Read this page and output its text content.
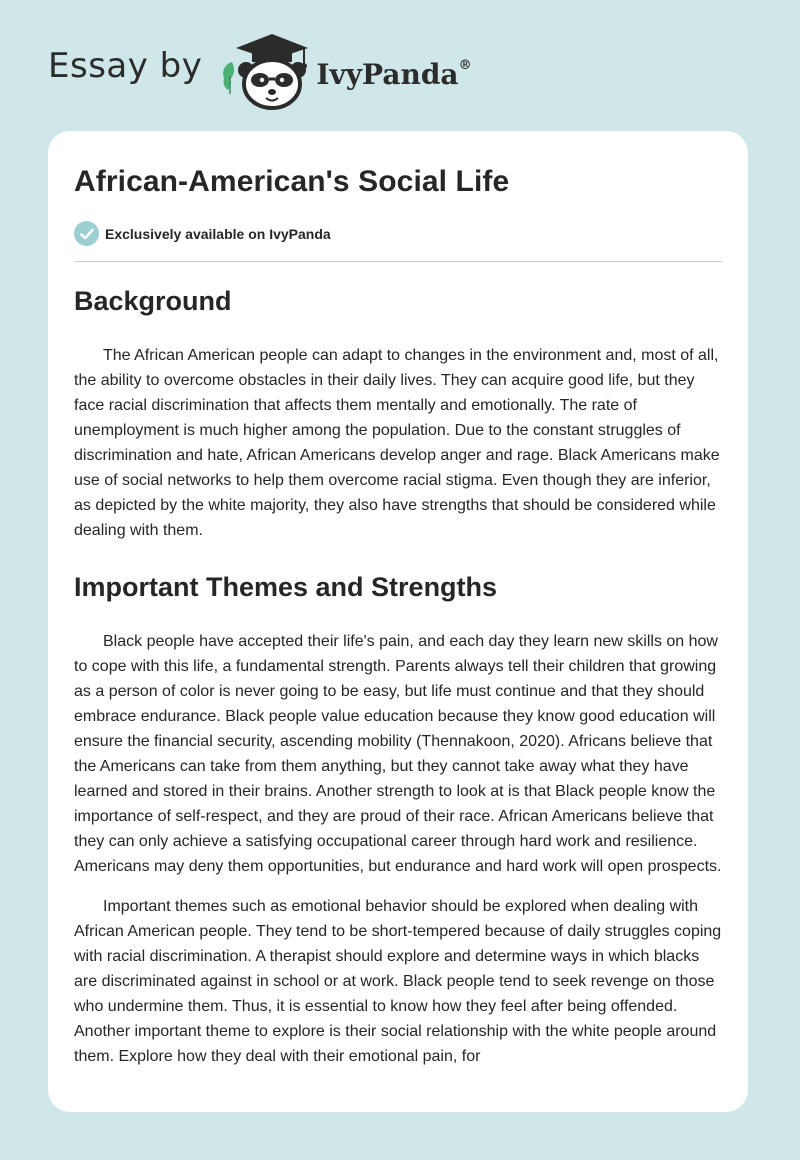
Essay by	IvyPanda®
African-American's Social Life
Exclusively available on IvyPanda
Background

The African American people can adapt to changes in the environment and, most of all, the ability to overcome obstacles in their daily lives. They can acquire good life, but they face racial discrimination that affects them mentally and emotionally. The rate of unemployment is much higher among the population. Due to the constant struggles of discrimination and hate, African Americans develop anger and rage. Black Americans make use of social networks to help them overcome racial stigma. Even though they are inferior, as depicted by the white majority, they also have strengths that should be considered while dealing with them.

Important Themes and Strengths

Black people have accepted their life's pain, and each day they learn new skills on how to cope with this life, a fundamental strength. Parents always tell their children that growing as a person of color is never going to be easy, but life must continue and that they should embrace endurance. Black people value education because they know good education will ensure the financial security, ascending mobility (Thennakoon, 2020). Africans believe that the Americans can take from them anything, but they cannot take away what they have learned and stored in their brains. Another strength to look at is that Black people know the importance of self-respect, and they are proud of their race. African Americans believe that they can only achieve a satisfying occupational career through hard work and resilience. Americans may deny them opportunities, but endurance and hard work will open prospects.

Important themes such as emotional behavior should be explored when dealing with African American people. They tend to be short-tempered because of daily struggles coping with racial discrimination. A therapist should explore and determine ways in which blacks are discriminated against in school or at work. Black people tend to seek revenge on those who undermine them. Thus, it is essential to know how they feel after being offended. Another important theme to explore is their social relationship with the white people around them. Explore how they deal with their emotional pain, for
